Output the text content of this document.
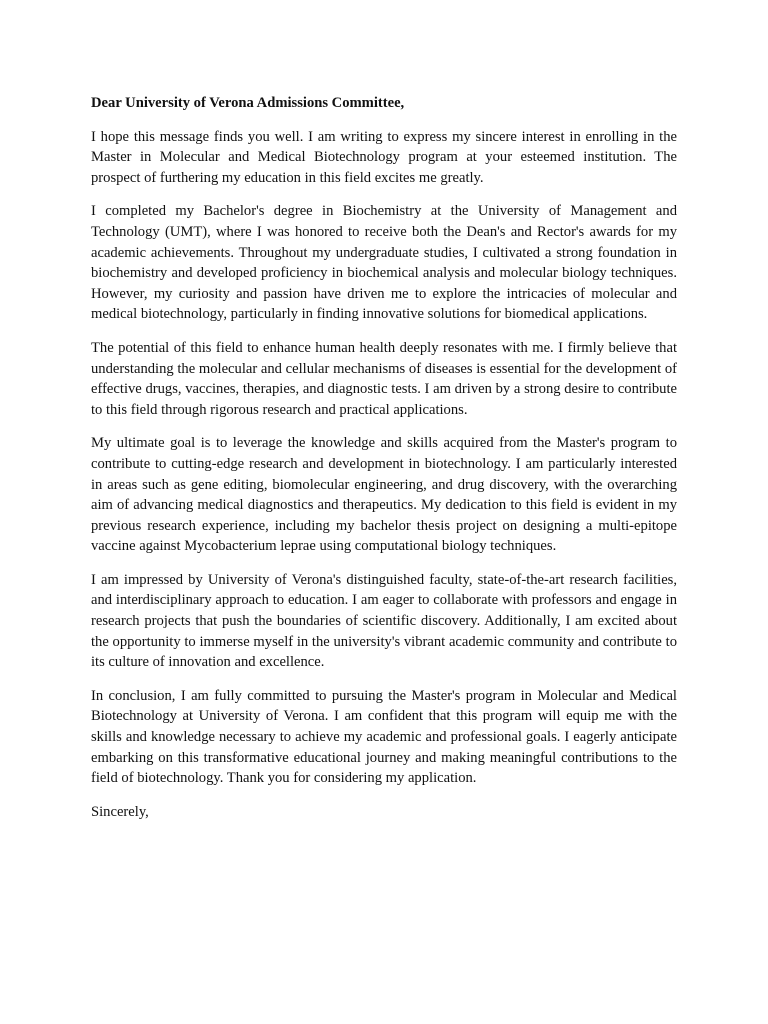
Dear University of Verona Admissions Committee,

I hope this message finds you well. I am writing to express my sincere interest in enrolling in the Master in Molecular and Medical Biotechnology program at your esteemed institution. The prospect of furthering my education in this field excites me greatly.

I completed my Bachelor's degree in Biochemistry at the University of Management and Technology (UMT), where I was honored to receive both the Dean's and Rector's awards for my academic achievements. Throughout my undergraduate studies, I cultivated a strong foundation in biochemistry and developed proficiency in biochemical analysis and molecular biology techniques. However, my curiosity and passion have driven me to explore the intricacies of molecular and medical biotechnology, particularly in finding innovative solutions for biomedical applications.

The potential of this field to enhance human health deeply resonates with me. I firmly believe that understanding the molecular and cellular mechanisms of diseases is essential for the development of effective drugs, vaccines, therapies, and diagnostic tests. I am driven by a strong desire to contribute to this field through rigorous research and practical applications.

My ultimate goal is to leverage the knowledge and skills acquired from the Master's program to contribute to cutting-edge research and development in biotechnology. I am particularly interested in areas such as gene editing, biomolecular engineering, and drug discovery, with the overarching aim of advancing medical diagnostics and therapeutics. My dedication to this field is evident in my previous research experience, including my bachelor thesis project on designing a multi-epitope vaccine against Mycobacterium leprae using computational biology techniques.

I am impressed by University of Verona's distinguished faculty, state-of-the-art research facilities, and interdisciplinary approach to education. I am eager to collaborate with professors and engage in research projects that push the boundaries of scientific discovery. Additionally, I am excited about the opportunity to immerse myself in the university's vibrant academic community and contribute to its culture of innovation and excellence.

In conclusion, I am fully committed to pursuing the Master's program in Molecular and Medical Biotechnology at University of Verona. I am confident that this program will equip me with the skills and knowledge necessary to achieve my academic and professional goals. I eagerly anticipate embarking on this transformative educational journey and making meaningful contributions to the field of biotechnology. Thank you for considering my application.

Sincerely,
